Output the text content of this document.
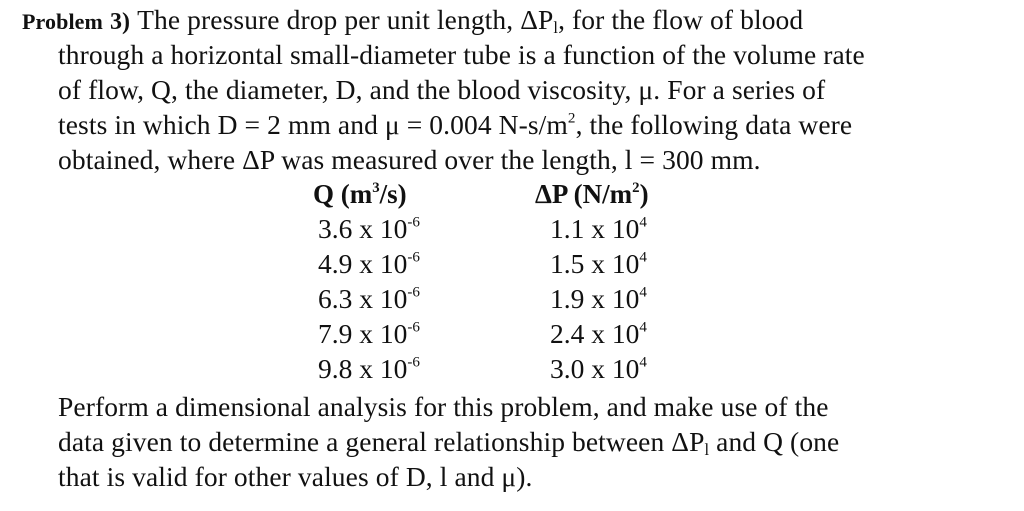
Problem 3) The pressure drop per unit length, $\Delta P_l$, for the flow of blood
through a horizontal small-diameter tube is a function of the volume rate
of flow, Q, the diameter, D, and the blood viscosity, μ. For a series of
tests in which D = 2 mm and μ = 0.004 $N-s/m^2$, the following data were
obtained, where ΔP was measured over the length, l = 300 mm.
Q $(m^3/s)$	ΔP $(N/m^2)$
3.6 x $10^{-6}$	1.1 x $10^4$
4.9 x $10^{-6}$	1.5 x $10^4$
6.3 x $10^{-6}$	1.9 x $10^4$
7.9 x $10^{-6}$	2.4 x $10^4$
9.8 x $10^{-6}$	3.0 x $10^4$
Perform a dimensional analysis for this problem, and make use of the
data given to determine a general relationship between $\Delta P_l$ and Q (one
that is valid for other values of D, l and μ).
